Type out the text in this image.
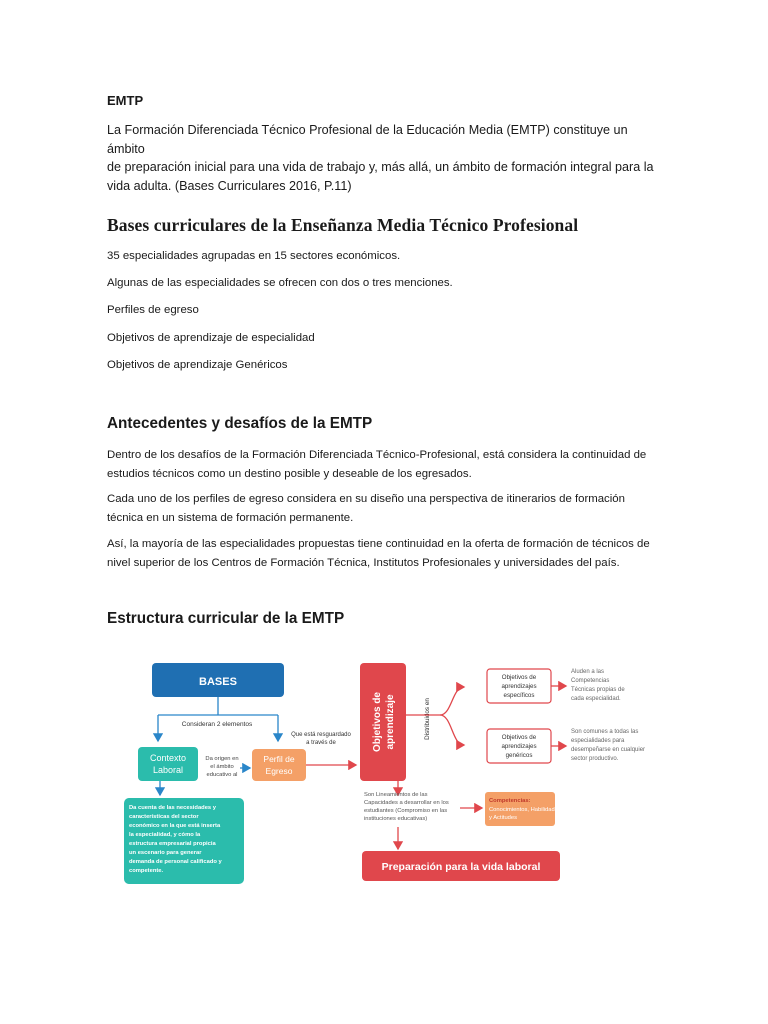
EMTP

La Formación Diferenciada Técnico Profesional de la Educación Media (EMTP) constituye un ámbito
de preparación inicial para una vida de trabajo y, más allá, un ámbito de formación integral para la
vida adulta. (Bases Curriculares 2016, P.11)

Bases curriculares de la Enseñanza Media Técnico Profesional
35 especialidades agrupadas en 15 sectores económicos.
Algunas de las especialidades se ofrecen con dos o tres menciones.
Perfiles de egreso
Objetivos de aprendizaje de especialidad
Objetivos de aprendizaje Genéricos
Antecedentes y desafíos de la EMTP

Dentro de los desafíos de la Formación Diferenciada Técnico-Profesional, está considera la continuidad de
estudios técnicos como un destino posible y deseable de los egresados.

Cada uno de los perfiles de egreso considera en su diseño una perspectiva de itinerarios de formación
técnica en un sistema de formación permanente.

Así, la mayoría de las especialidades propuestas tiene continuidad en la oferta de formación de técnicos de
nivel superior de los Centros de Formación Técnica, Institutos Profesionales y universidades del país.

Estructura curricular de la EMTP
BASES
Consideran 2 elementos
Contexto
Laboral
Da origen en
el ámbito
educativo al
Perfil de
Egreso
Que está resguardado
a través de	Objetivos de aprendizaje	Distribuidos en
Objetivos de
aprendizajes
específicos
Aluden a las
Competencias
Técnicas propias de
cada especialidad.
Objetivos de
aprendizajes
genéricos
Son comunes a todas las
especialidades para
desempeñarse en cualquier
sector productivo.
Son Lineamientos de las
Capacidades a desarrollar en los
estudiantes (Compromiso en las
instituciones educativas)
Competencias:
Conocimientos, Habilidades
y Actitudes
Da cuenta de las necesidades y
características del sector
económico en la que está inserta
la especialidad, y cómo la
estructura empresarial propicia
un escenario para generar
demanda de personal calificado y
competente.	Preparación para la vida laboral
